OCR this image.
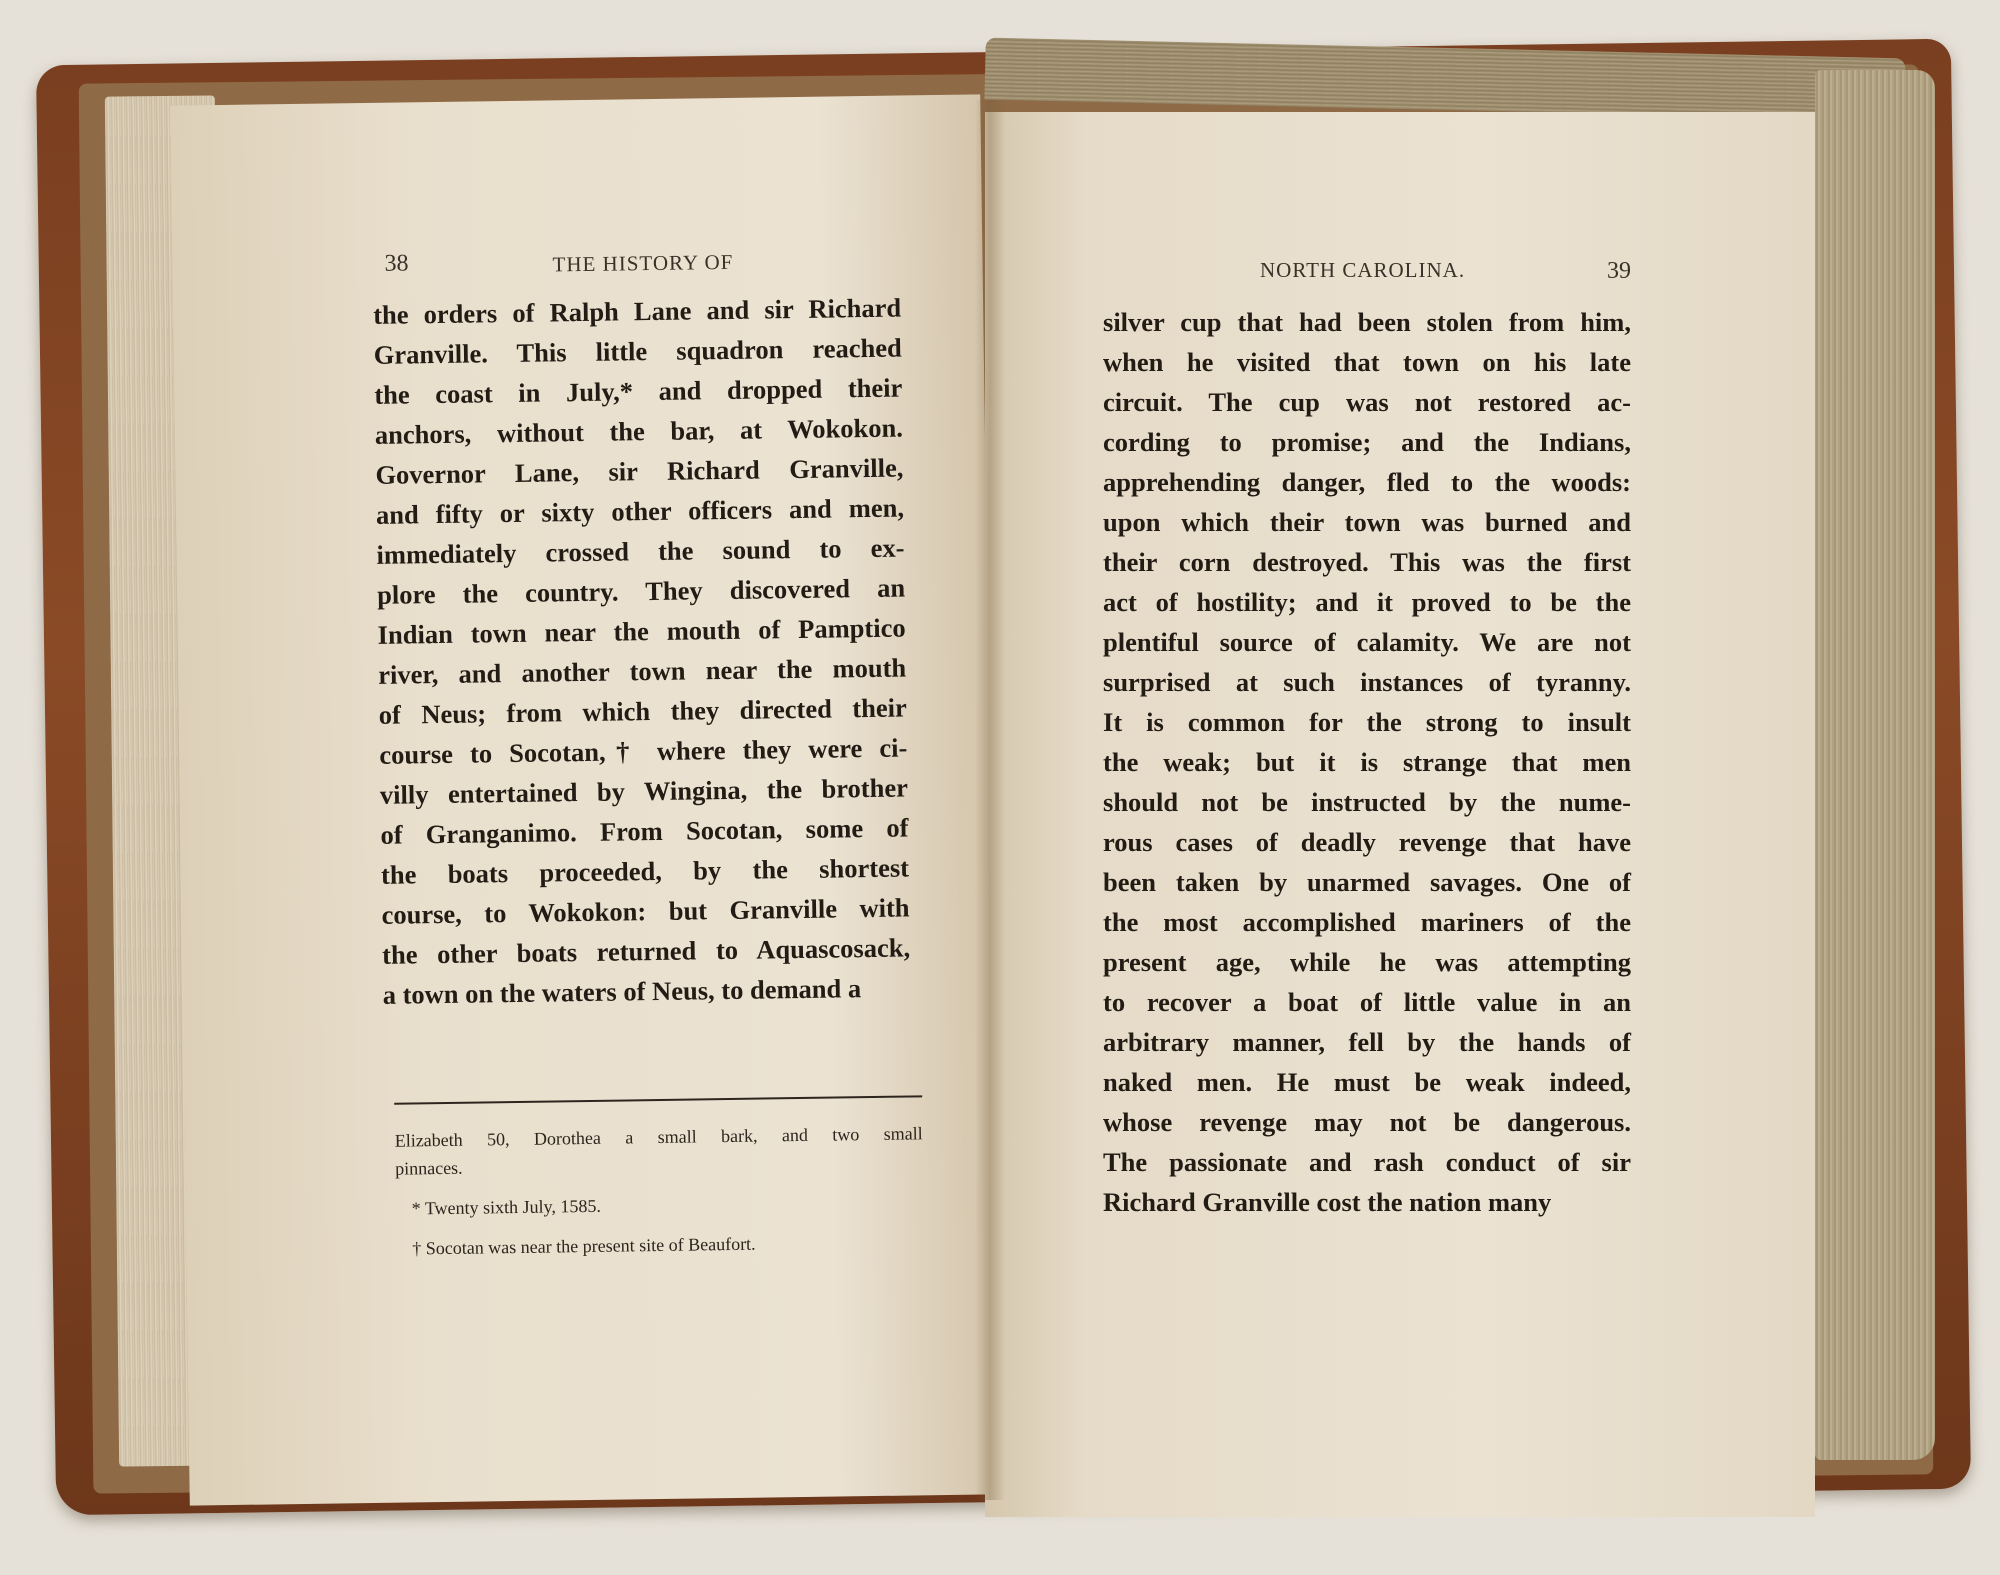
38	THE HISTORY OF
the orders of Ralph Lane and sir Richard
Granville. This little squadron reached
the coast in July,* and dropped their
anchors, without the bar, at Wokokon.
Governor Lane, sir Richard Granville,
and fifty or sixty other officers and men,
immediately crossed the sound to ex-
plore the country. They discovered an
Indian town near the mouth of Pamptico
river, and another town near the mouth
of Neus; from which they directed their
course to Socotan,† where they were ci-
villy entertained by Wingina, the brother
of Granganimo. From Socotan, some of
the boats proceeded, by the shortest
course, to Wokokon: but Granville with
the other boats returned to Aquascosack,
a town on the waters of Neus, to demand a
Elizabeth 50, Dorothea a small bark, and two small
pinnaces.
* Twenty sixth July, 1585.
† Socotan was near the present site of Beaufort.
NORTH CAROLINA.	39
silver cup that had been stolen from him,
when he visited that town on his late
circuit. The cup was not restored ac-
cording to promise; and the Indians,
apprehending danger, fled to the woods:
upon which their town was burned and
their corn destroyed. This was the first
act of hostility; and it proved to be the
plentiful source of calamity. We are not
surprised at such instances of tyranny.
It is common for the strong to insult
the weak; but it is strange that men
should not be instructed by the nume-
rous cases of deadly revenge that have
been taken by unarmed savages. One of
the most accomplished mariners of the
present age, while he was attempting
to recover a boat of little value in an
arbitrary manner, fell by the hands of
naked men. He must be weak indeed,
whose revenge may not be dangerous.
The passionate and rash conduct of sir
Richard Granville cost the nation many
